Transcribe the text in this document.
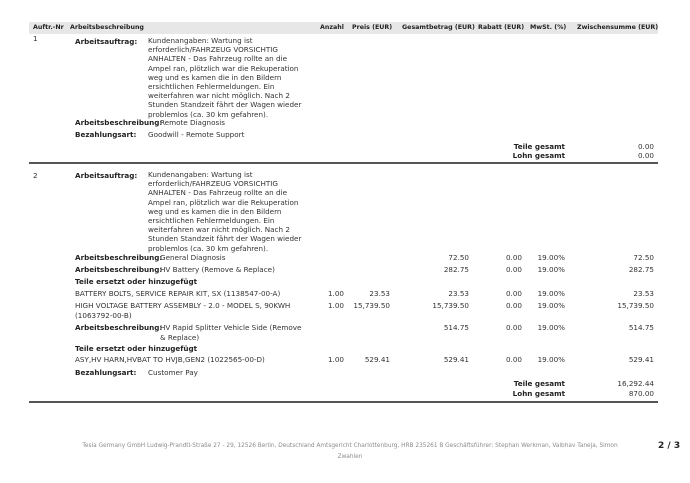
Auftr.-Nr Arbeitsbeschreibung	Anzahl Preis (EUR) Gesamtbetrag (EUR) Rabatt (EUR) MwSt. (%) Zwischensumme (EUR)
1	Arbeitsauftrag: Kundenangaben: Wartung ist
erforderlich/FAHRZEUG VORSICHTIG
ANHALTEN - Das Fahrzeug rollte an die
Ampel ran, plötzlich war die Rekuperation
weg und es kamen die in den Bildern
ersichtlichen Fehlermeldungen. Ein
weiterfahren war nicht möglich. Nach 2
Stunden Standzeit fährt der Wagen wieder
problemlos (ca. 30 km gefahren).
Arbeitsbeschreibung:
Remote Diagnosis
Bezahlungsart: Goodwill - Remote Support
Teile gesamt	0.00
Lohn gesamt	0.00
2	Arbeitsauftrag: Kundenangaben: Wartung ist
erforderlich/FAHRZEUG VORSICHTIG
ANHALTEN - Das Fahrzeug rollte an die
Ampel ran, plötzlich war die Rekuperation
weg und es kamen die in den Bildern
ersichtlichen Fehlermeldungen. Ein
weiterfahren war nicht möglich. Nach 2
Stunden Standzeit fährt der Wagen wieder
problemlos (ca. 30 km gefahren).
Arbeitsbeschreibung:
General Diagnosis	72.50	0.00	19.00%	72.50
Arbeitsbeschreibung:
HV Battery (Remove & Replace)	282.75	0.00	19.00%	282.75
Teile ersetzt oder hinzugefügt
BATTERY BOLTS, SERVICE REPAIR KIT, SX (1138547-00-A)	1.00	23.53	23.53	0.00	19.00%	23.53
HIGH VOLTAGE BATTERY ASSEMBLY - 2.0 - MODEL S, 90KWH
(1063792-00-B)
1.00	15,739.50	15,739.50	0.00	19.00%	15,739.50
Arbeitsbeschreibung:
HV Rapid Splitter Vehicle Side (Remove
& Replace)
514.75	0.00	19.00%	514.75
Teile ersetzt oder hinzugefügt
ASY,HV HARN,HVBAT TO HVJB,GEN2 (1022565-00-D)	1.00	529.41	529.41	0.00	19.00%	529.41
Bezahlungsart: Customer Pay
Teile gesamt	16,292.44
Lohn gesamt	870.00
Tesla Germany GmbH Ludwig-Prandtl-Straße 27 - 29, 12526 Berlin, Deutschland Amtsgericht Charlottenburg, HRB 235261 B Geschäftsführer: Stephan Werkman, Vaibhav Taneja, Simon
Zwahlen
2 / 3
